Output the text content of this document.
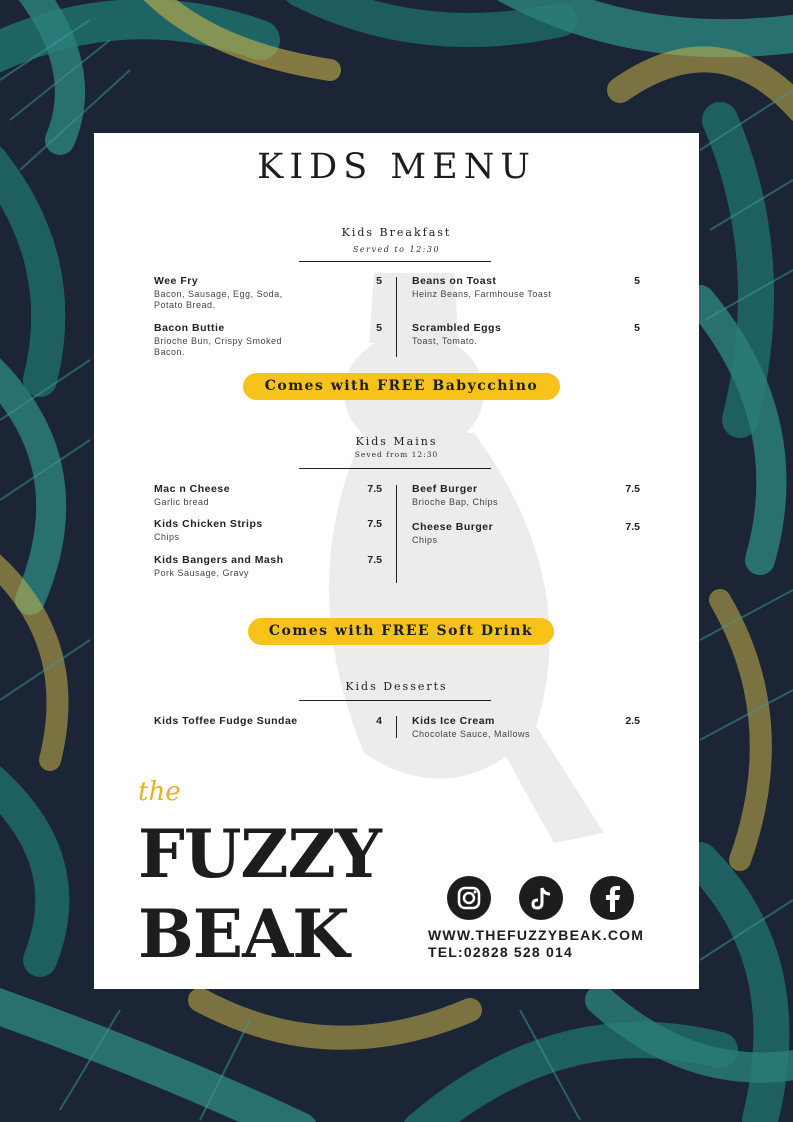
KIDS MENU
Kids Breakfast
Served to 12:30
Wee Fry
Bacon, Sausage, Egg, Soda, Potato Bread.
5
Bacon Buttie
Brioche Bun, Crispy Smoked Bacon.
5
Beans on Toast
Heinz Beans, Farmhouse Toast
5
Scrambled Eggs
Toast, Tomato.
5
Comes with FREE Babycchino
Kids Mains
Seved from 12:30
Mac n Cheese
Garlic bread
7.5
Kids Chicken Strips
Chips
7.5
Kids Bangers and Mash
Pork Sausage, Gravy
7.5
Beef Burger
Brioche Bap, Chips
7.5
Cheese Burger
Chips
7.5
Comes with FREE Soft Drink
Kids Desserts
Kids Toffee Fudge Sundae	4	Kids Ice Cream
Chocolate Sauce, Mallows
2.5
the
FUZZY
BEAK	WWW.THEFUZZYBEAK.COM
TEL:02828 528 014
